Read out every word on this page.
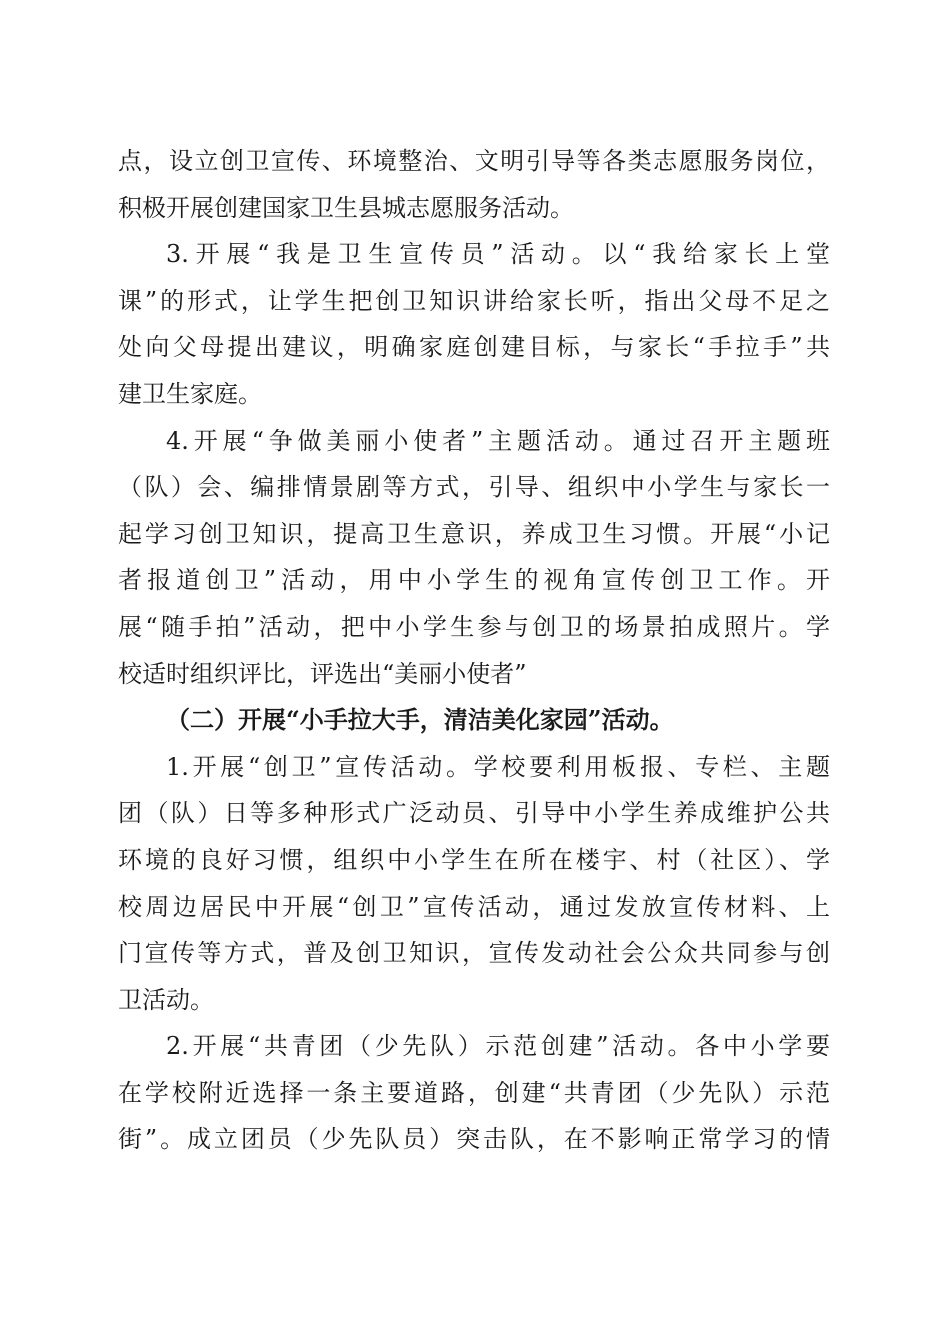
点，设立创卫宣传、环境整治、文明引导等各类志愿服务岗位，
积极开展创建国家卫生县城志愿服务活动。
3.开展“我是卫生宣传员”活动。以“我给家长上堂
课”的形式，让学生把创卫知识讲给家长听，指出父母不足之
处向父母提出建议，明确家庭创建目标，与家长“手拉手”共
建卫生家庭。
4.开展“争做美丽小使者”主题活动。通过召开主题班
（队）会、编排情景剧等方式，引导、组织中小学生与家长一
起学习创卫知识，提高卫生意识，养成卫生习惯。开展“小记
者报道创卫”活动，用中小学生的视角宣传创卫工作。开
展“随手拍”活动，把中小学生参与创卫的场景拍成照片。学
校适时组织评比，评选出“美丽小使者”
（二）开展“小手拉大手，清洁美化家园”活动。
1.开展“创卫”宣传活动。学校要利用板报、专栏、主题
团（队）日等多种形式广泛动员、引导中小学生养成维护公共
环境的良好习惯，组织中小学生在所在楼宇、村（社区）、学
校周边居民中开展“创卫”宣传活动，通过发放宣传材料、上
门宣传等方式，普及创卫知识，宣传发动社会公众共同参与创
卫活动。
2.开展“共青团（少先队）示范创建”活动。各中小学要
在学校附近选择一条主要道路，创建“共青团（少先队）示范
街”。成立团员（少先队员）突击队，在不影响正常学习的情
